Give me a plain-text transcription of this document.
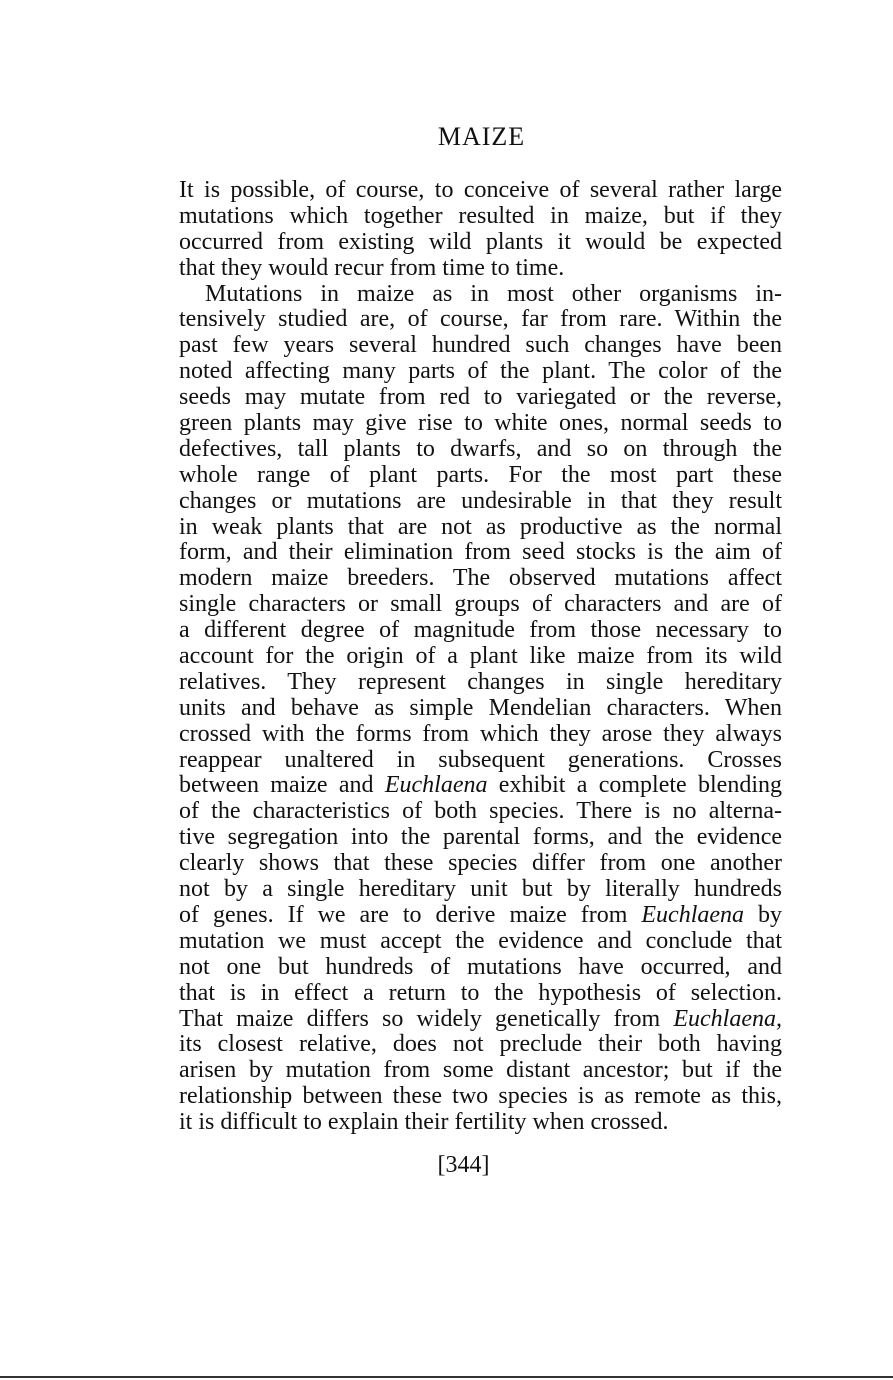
MAIZE

It is possible, of course, to conceive of several rather large
mutations which together resulted in maize, but if they
occurred from existing wild plants it would be expected
that they would recur from time to time.

Mutations in maize as in most other organisms in-
tensively studied are, of course, far from rare. Within the
past few years several hundred such changes have been
noted affecting many parts of the plant. The color of the
seeds may mutate from red to variegated or the reverse,
green plants may give rise to white ones, normal seeds to
defectives, tall plants to dwarfs, and so on through the
whole range of plant parts. For the most part these
changes or mutations are undesirable in that they result
in weak plants that are not as productive as the normal
form, and their elimination from seed stocks is the aim of
modern maize breeders. The observed mutations affect
single characters or small groups of characters and are of
a different degree of magnitude from those necessary to
account for the origin of a plant like maize from its wild
relatives. They represent changes in single hereditary
units and behave as simple Mendelian characters. When
crossed with the forms from which they arose they always
reappear unaltered in subsequent generations. Crosses
between maize and Euchlaena exhibit a complete blending
of the characteristics of both species. There is no alterna-
tive segregation into the parental forms, and the evidence
clearly shows that these species differ from one another
not by a single hereditary unit but by literally hundreds
of genes. If we are to derive maize from Euchlaena by
mutation we must accept the evidence and conclude that
not one but hundreds of mutations have occurred, and
that is in effect a return to the hypothesis of selection.
That maize differs so widely genetically from Euchlaena,
its closest relative, does not preclude their both having
arisen by mutation from some distant ancestor; but if the
relationship between these two species is as remote as this,
it is difficult to explain their fertility when crossed.

[344]
